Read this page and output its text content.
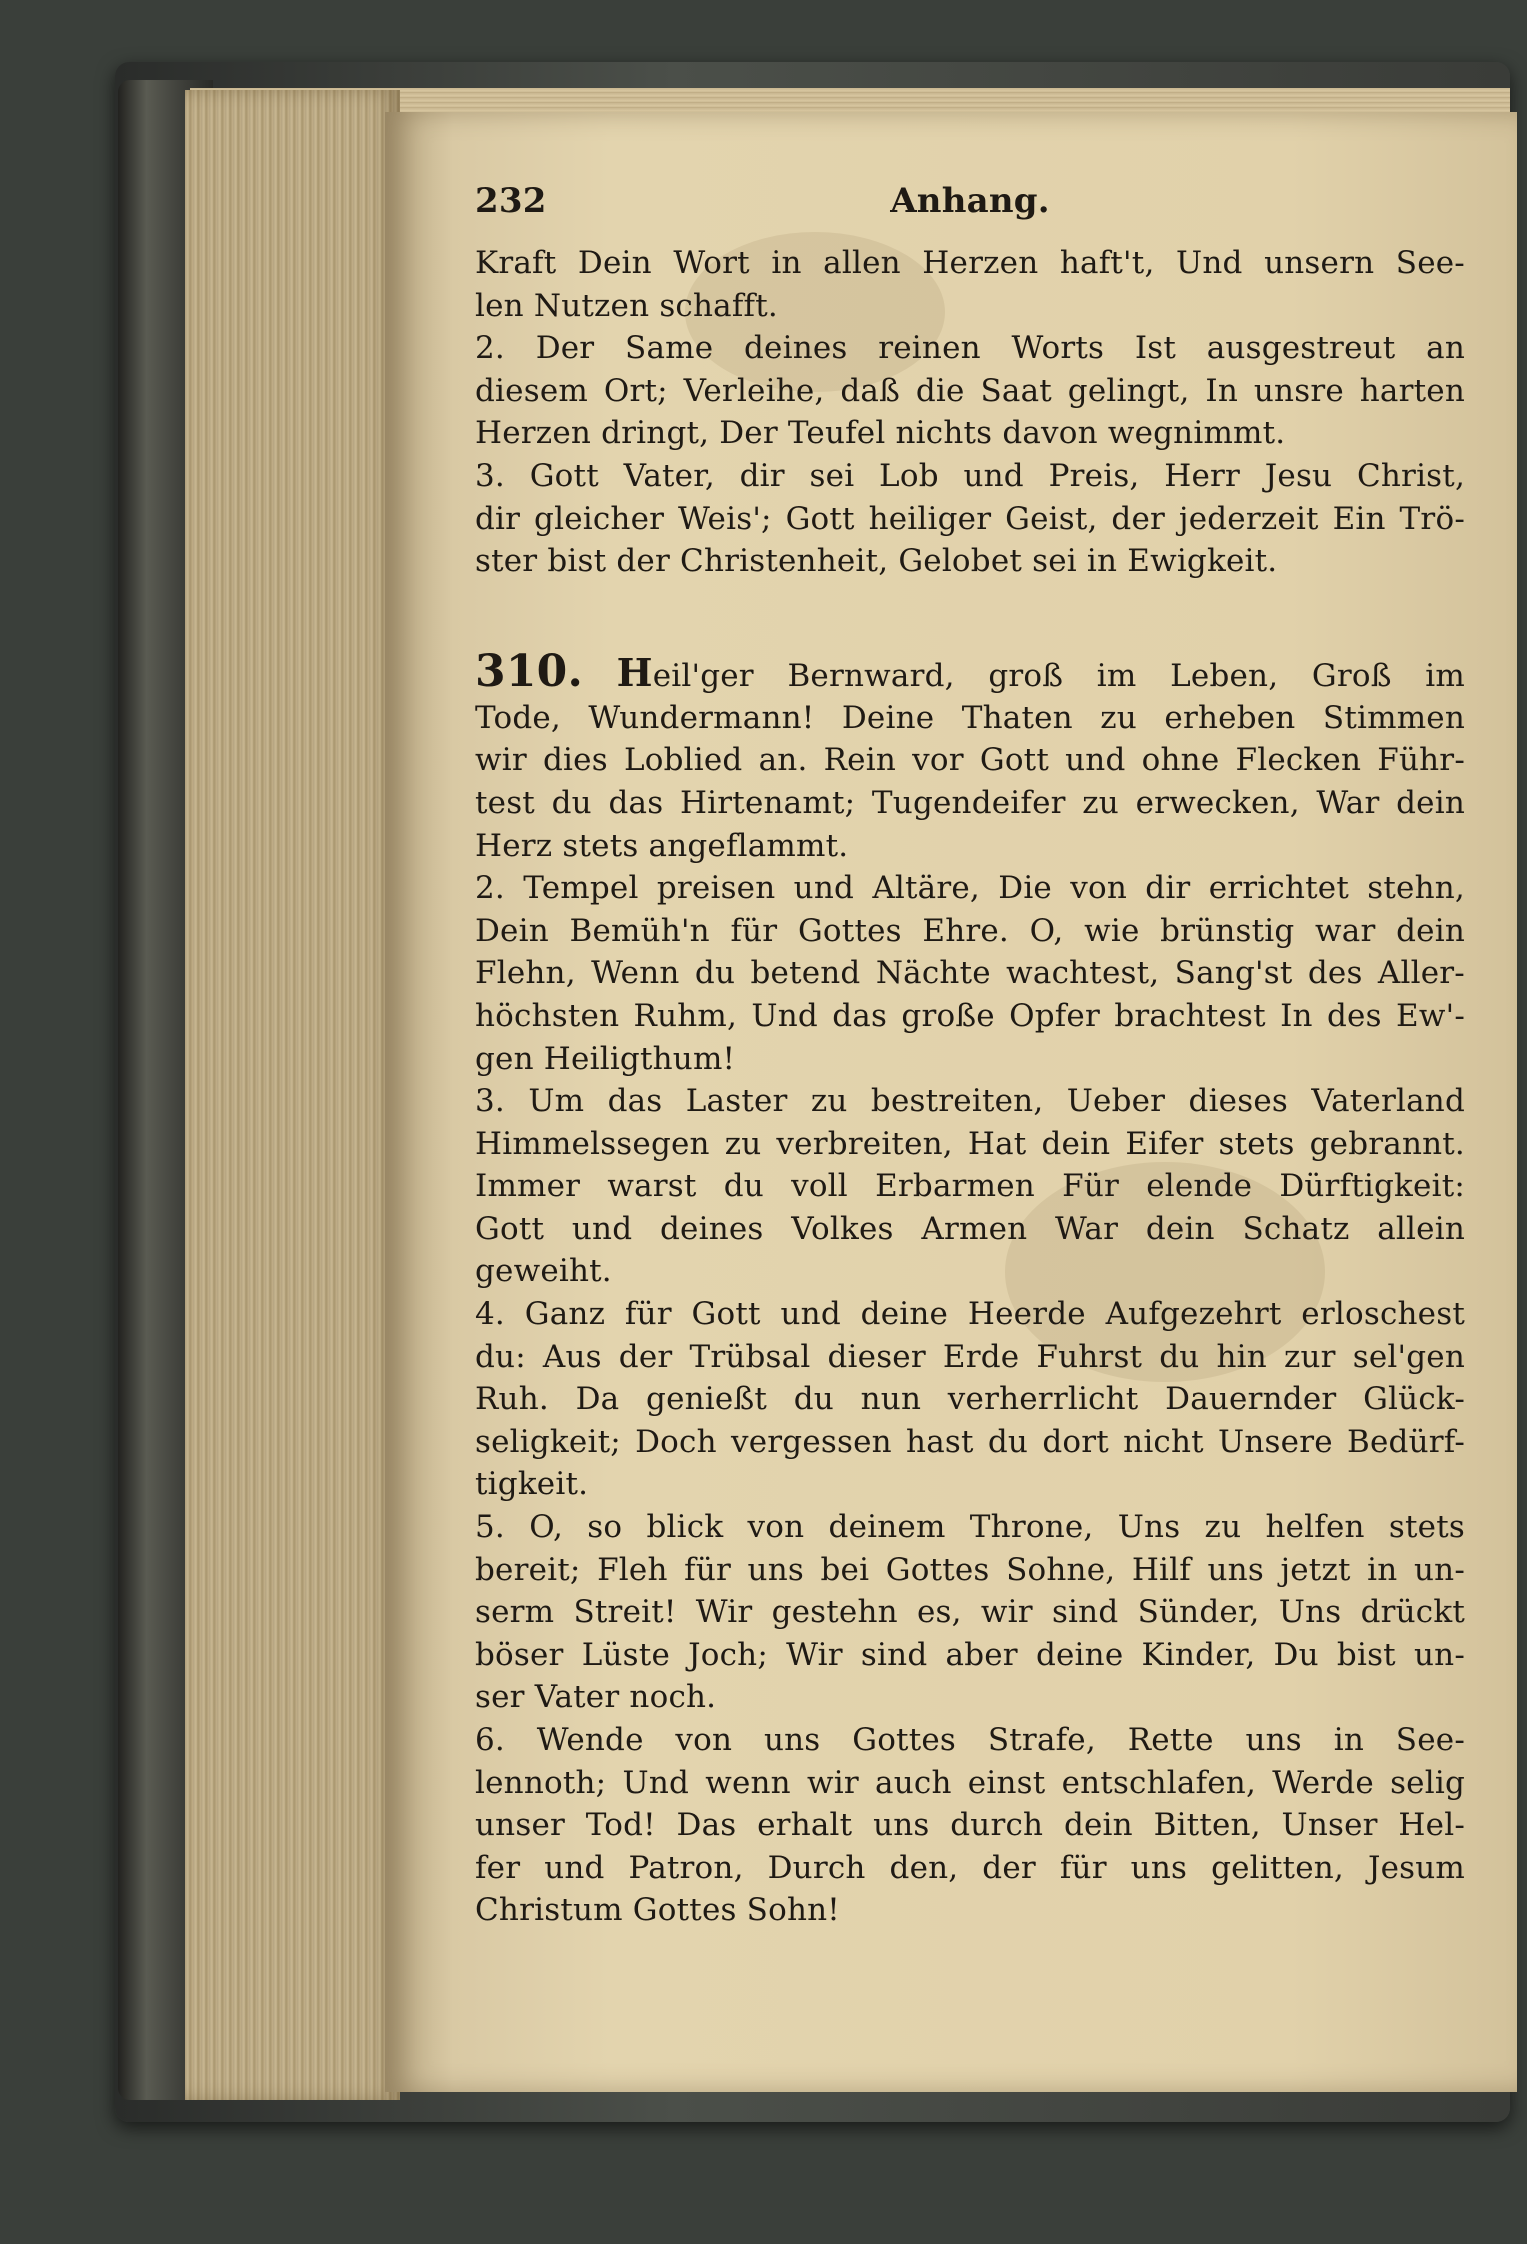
232	Anhang.
Kraft Dein Wort in allen Herzen haft't, Und unsern See-
len Nutzen schafft.
2. Der Same deines reinen Worts Ist ausgestreut an
diesem Ort; Verleihe, daß die Saat gelingt, In unsre harten
Herzen dringt, Der Teufel nichts davon wegnimmt.
3. Gott Vater, dir sei Lob und Preis, Herr Jesu Christ,
dir gleicher Weis'; Gott heiliger Geist, der jederzeit Ein Trö-
ster bist der Christenheit, Gelobet sei in Ewigkeit.
310. Heil'ger Bernward, groß im Leben, Groß im
Tode, Wundermann! Deine Thaten zu erheben Stimmen
wir dies Loblied an. Rein vor Gott und ohne Flecken Führ-
test du das Hirtenamt; Tugendeifer zu erwecken, War dein
Herz stets angeflammt.
2. Tempel preisen und Altäre, Die von dir errichtet stehn,
Dein Bemüh'n für Gottes Ehre. O, wie brünstig war dein
Flehn, Wenn du betend Nächte wachtest, Sang'st des Aller-
höchsten Ruhm, Und das große Opfer brachtest In des Ew'-
gen Heiligthum!
3. Um das Laster zu bestreiten, Ueber dieses Vaterland
Himmelssegen zu verbreiten, Hat dein Eifer stets gebrannt.
Immer warst du voll Erbarmen Für elende Dürftigkeit:
Gott und deines Volkes Armen War dein Schatz allein
geweiht.
4. Ganz für Gott und deine Heerde Aufgezehrt erloschest
du: Aus der Trübsal dieser Erde Fuhrst du hin zur sel'gen
Ruh. Da genießt du nun verherrlicht Dauernder Glück-
seligkeit; Doch vergessen hast du dort nicht Unsere Bedürf-
tigkeit.
5. O, so blick von deinem Throne, Uns zu helfen stets
bereit; Fleh für uns bei Gottes Sohne, Hilf uns jetzt in un-
serm Streit! Wir gestehn es, wir sind Sünder, Uns drückt
böser Lüste Joch; Wir sind aber deine Kinder, Du bist un-
ser Vater noch.
6. Wende von uns Gottes Strafe, Rette uns in See-
lennoth; Und wenn wir auch einst entschlafen, Werde selig
unser Tod! Das erhalt uns durch dein Bitten, Unser Hel-
fer und Patron, Durch den, der für uns gelitten, Jesum
Christum Gottes Sohn!
